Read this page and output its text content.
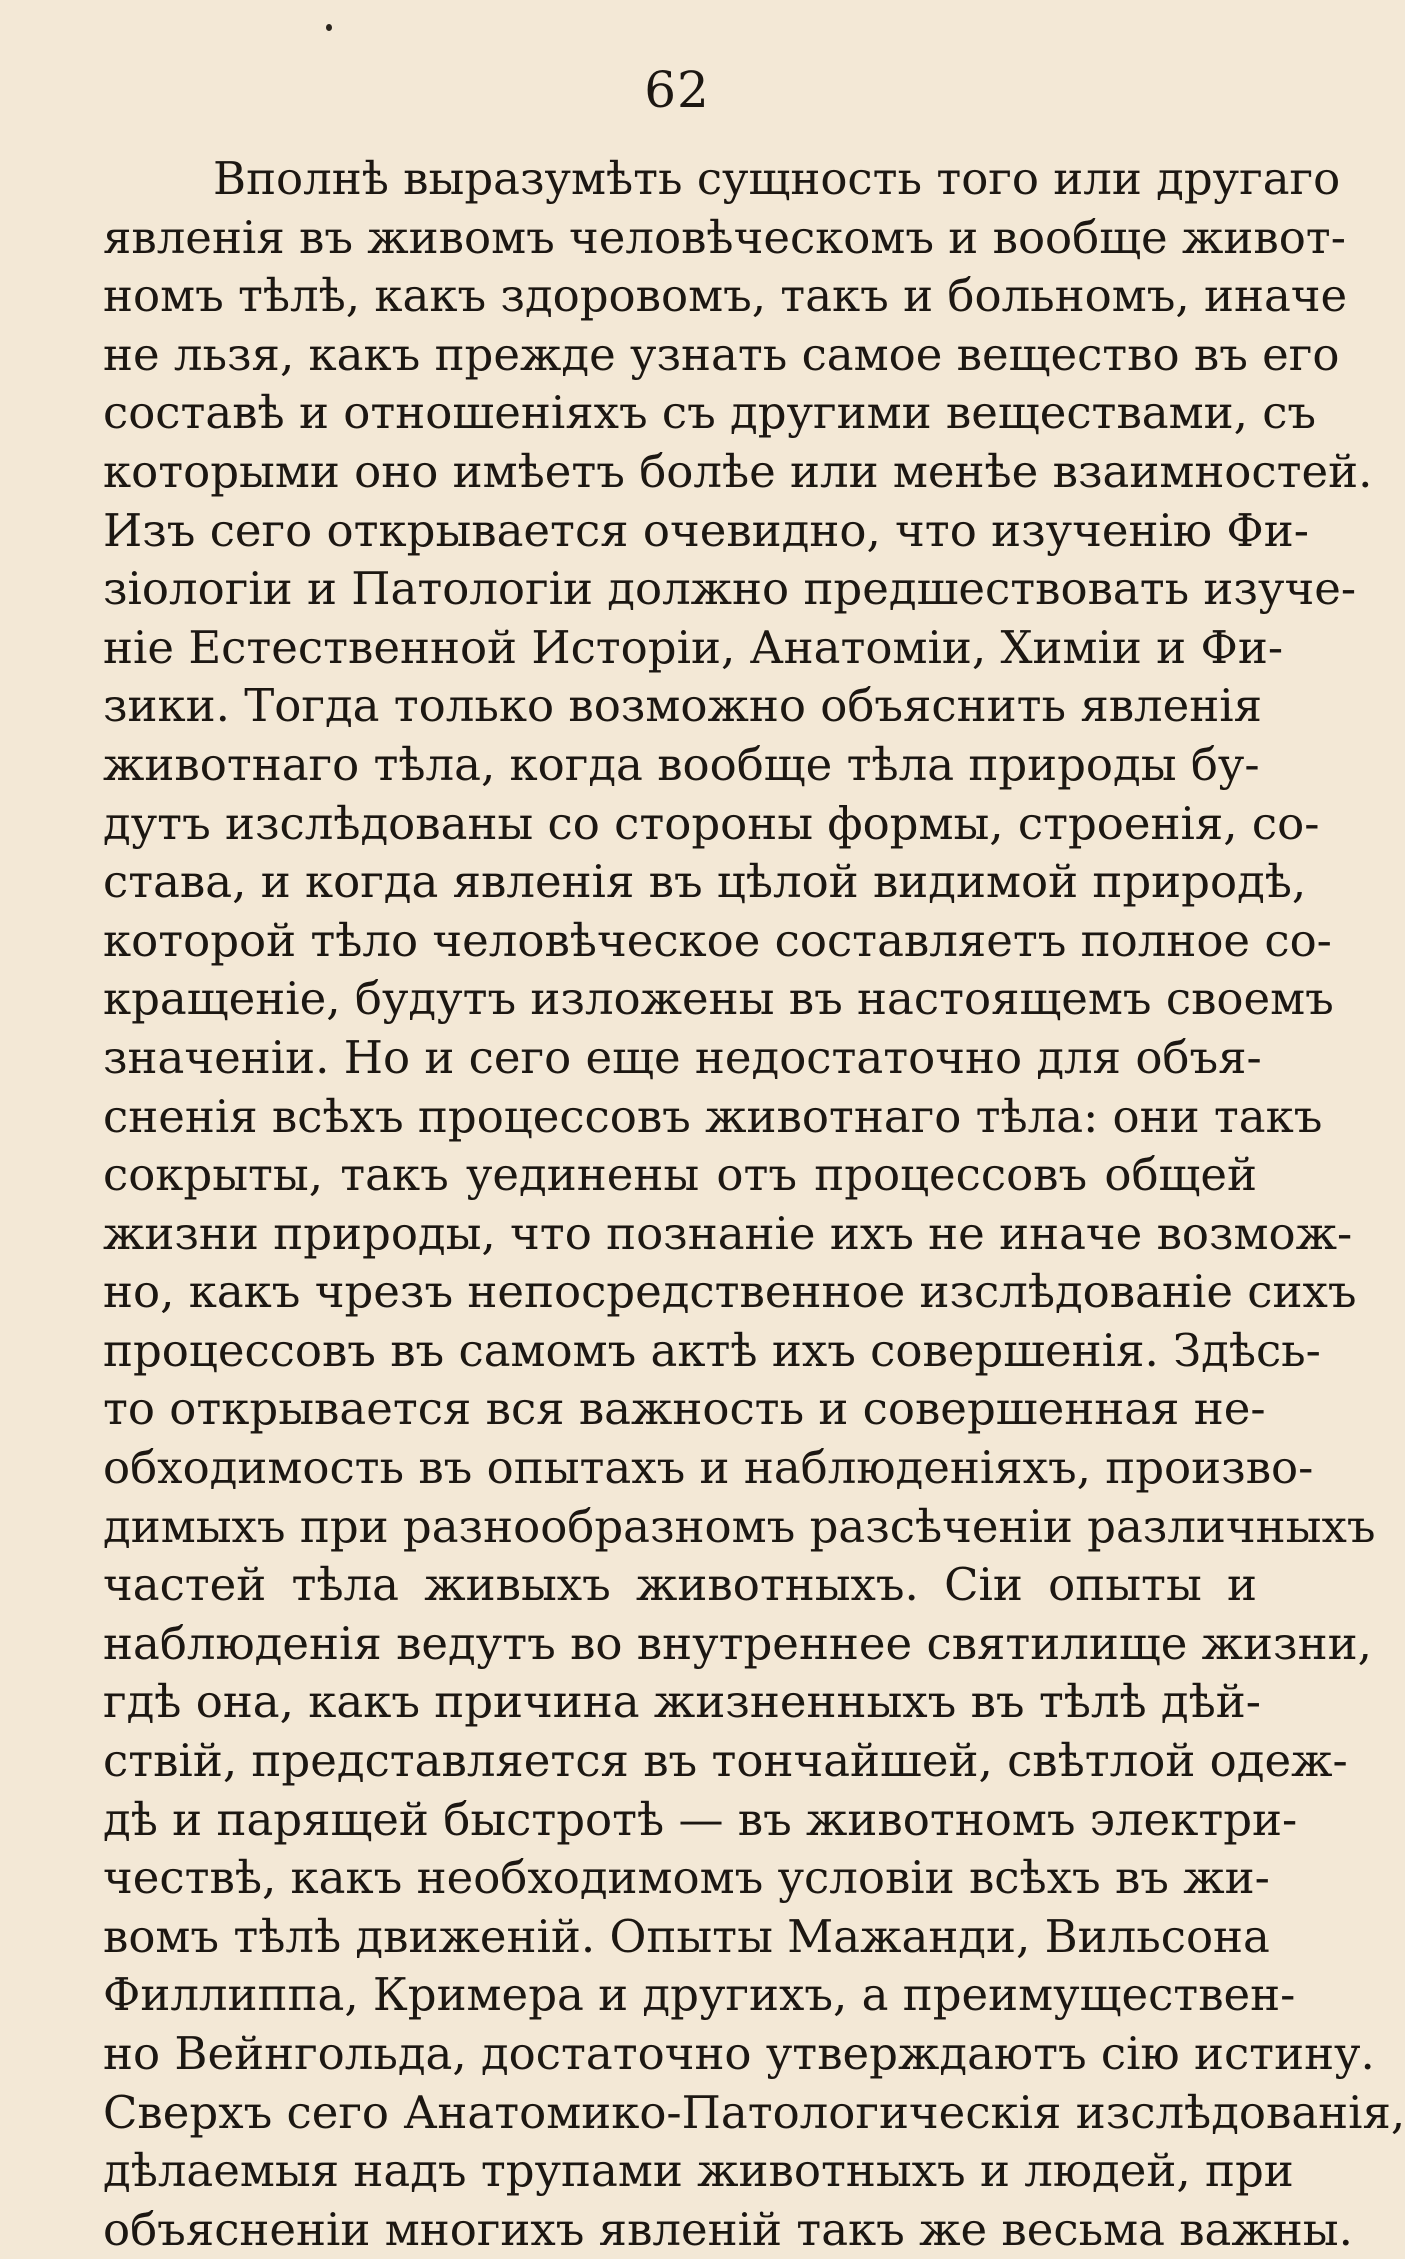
62
Вполнѣ выразумѣть сущность того или другаго
явленія въ живомъ человѣческомъ и вообще живот-
номъ тѣлѣ, какъ здоровомъ, такъ и больномъ, иначе
не льзя, какъ прежде узнать самое вещество въ его
составѣ и отношеніяхъ съ другими веществами, съ
которыми оно имѣетъ болѣе или менѣе взаимностей.
Изъ сего открывается очевидно, что изученію Фи-
зіологіи и Патологіи должно предшествовать изуче-
ніе Естественной Исторіи, Анатоміи, Химіи и Фи-
зики. Тогда только возможно объяснить явленія
животнаго тѣла, когда вообще тѣла природы бу-
дутъ изслѣдованы со стороны формы, строенія, со-
става, и когда явленія въ цѣлой видимой природѣ,
которой тѣло человѣческое составляетъ полное со-
кращеніе, будутъ изложены въ настоящемъ своемъ
значеніи. Но и сего еще недостаточно для объя-
сненія всѣхъ процессовъ животнаго тѣла: они такъ
сокрыты, такъ уединены отъ процессовъ общей
жизни природы, что познаніе ихъ не иначе возмож-
но, какъ чрезъ непосредственное изслѣдованіе сихъ
процессовъ въ самомъ актѣ ихъ совершенія. Здѣсь-
то открывается вся важность и совершенная не-
обходимость въ опытахъ и наблюденіяхъ, произво-
димыхъ при разнообразномъ разсѣченіи различныхъ
частей тѣла живыхъ животныхъ. Сіи опыты и
наблюденія ведутъ во внутреннее святилище жизни,
гдѣ она, какъ причина жизненныхъ въ тѣлѣ дѣй-
ствій, представляется въ тончайшей, свѣтлой одеж-
дѣ и парящей быстротѣ — въ животномъ электри-
чествѣ, какъ необходимомъ условіи всѣхъ въ жи-
вомъ тѣлѣ движеній. Опыты Мажанди, Вильсона
Филлиппа, Кримера и другихъ, а преимуществен-
но Вейнгольда, достаточно утверждаютъ сію истину.
Сверхъ сего Анатомико-Патологическія изслѣдованія,
дѣлаемыя надъ трупами животныхъ и людей, при
объясненіи многихъ явленій такъ же весьма важны.
